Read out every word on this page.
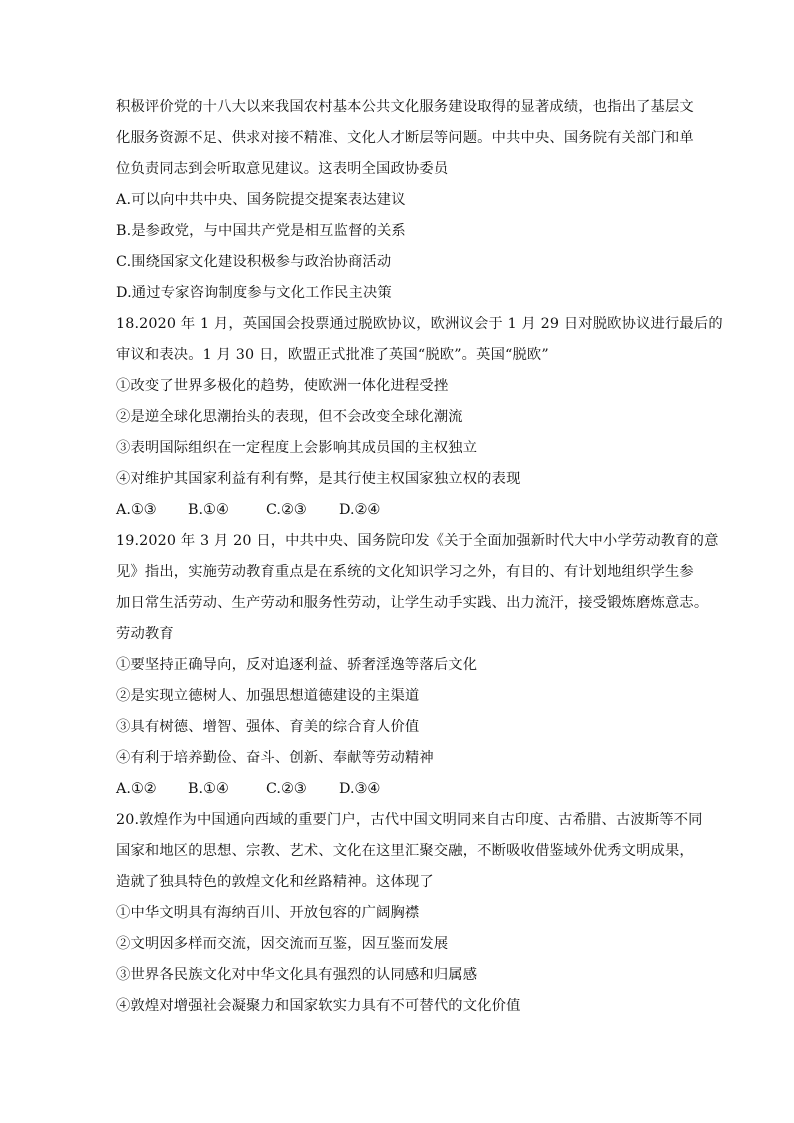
积极评价党的十八大以来我国农村基本公共文化服务建设取得的显著成绩，也指出了基层文
化服务资源不足、供求对接不精准、文化人才断层等问题。中共中央、国务院有关部门和单
位负责同志到会听取意见建议。这表明全国政协委员
A.可以向中共中央、国务院提交提案表达建议
B.是参政党，与中国共产党是相互监督的关系
C.围绕国家文化建设积极参与政治协商活动
D.通过专家咨询制度参与文化工作民主决策
18.2020 年 1 月，英国国会投票通过脱欧协议，欧洲议会于 1 月 29 日对脱欧协议进行最后的
审议和表决。1 月 30 日，欧盟正式批准了英国“脱欧”。英国“脱欧”
①改变了世界多极化的趋势，使欧洲一体化进程受挫
②是逆全球化思潮抬头的表现，但不会改变全球化潮流
③表明国际组织在一定程度上会影响其成员国的主权独立
④对维护其国家利益有利有弊，是其行使主权国家独立权的表现
A.①③ B.①④	C.②③ D.②④
19.2020 年 3 月 20 日，中共中央、国务院印发《关于全面加强新时代大中小学劳动教育的意
见》指出，实施劳动教育重点是在系统的文化知识学习之外，有目的、有计划地组织学生参
加日常生活劳动、生产劳动和服务性劳动，让学生动手实践、出力流汗，接受锻炼磨炼意志。
劳动教育
①要坚持正确导向，反对追逐利益、骄奢淫逸等落后文化
②是实现立德树人、加强思想道德建设的主渠道
③具有树德、增智、强体、育美的综合育人价值
④有利于培养勤俭、奋斗、创新、奉献等劳动精神
A.①② B.①④	C.②③ D.③④
20.敦煌作为中国通向西域的重要门户，古代中国文明同来自古印度、古希腊、古波斯等不同
国家和地区的思想、宗教、艺术、文化在这里汇聚交融，不断吸收借鉴域外优秀文明成果，
造就了独具特色的敦煌文化和丝路精神。这体现了
①中华文明具有海纳百川、开放包容的广阔胸襟
②文明因多样而交流，因交流而互鉴，因互鉴而发展
③世界各民族文化对中华文化具有强烈的认同感和归属感
④敦煌对增强社会凝聚力和国家软实力具有不可替代的文化价值
